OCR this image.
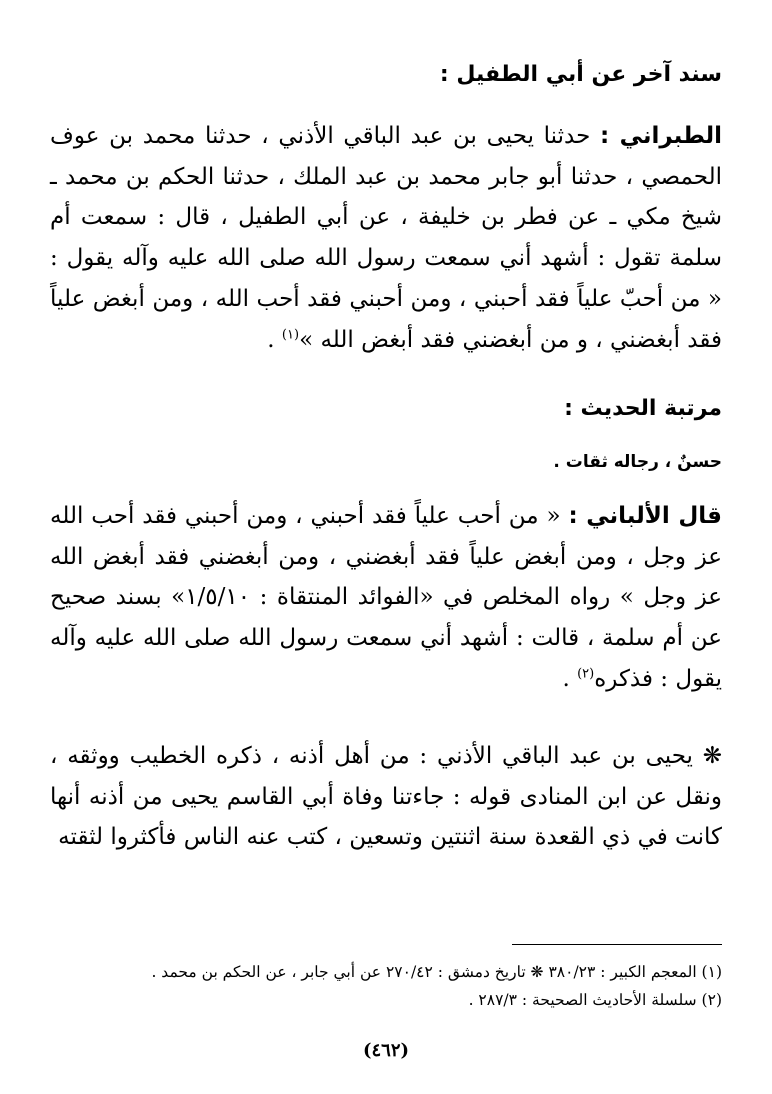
سند آخر عن أبي الطفيل :
الطبراني : حدثنا يحيى بن عبد الباقي الأذني ، حدثنا محمد بن عوف الحمصي ، حدثنا أبو جابر محمد بن عبد الملك ، حدثنا الحكم بن محمد ـ شيخ مكي ـ عن فطر بن خليفة ، عن أبي الطفيل ، قال : سمعت أم سلمة تقول : أشهد أني سمعت رسول الله صلى الله عليه وآله يقول : « من أحبّ علياً فقد أحبني ، ومن أحبني فقد أحب الله ، ومن أبغض علياً فقد أبغضني ، و من أبغضني فقد أبغض الله »$^{(١)}$ .
مرتبة الحديث :
حسنٌ ، رجاله ثقات .
قال الألباني : « من أحب علياً فقد أحبني ، ومن أحبني فقد أحب الله عز وجل ، ومن أبغض علياً فقد أبغضني ، ومن أبغضني فقد أبغض الله عز وجل » رواه المخلص في «الفوائد المنتقاة : ١/٥/١٠» بسند صحيح عن أم سلمة ، قالت : أشهد أني سمعت رسول الله صلى الله عليه وآله يقول : فذكره$^{(٢)}$ .
❋ يحيى بن عبد الباقي الأذني : من أهل أذنه ، ذكره الخطيب ووثقه ، ونقل عن ابن المنادى قوله : جاءتنا وفاة أبي القاسم يحيى من أذنه أنها كانت في ذي القعدة سنة اثنتين وتسعين ، كتب عنه الناس فأكثروا لثقته
(١) المعجم الكبير : ٣٨٠/٢٣ ❋ تاريخ دمشق : ٢٧٠/٤٢ عن أبي جابر ، عن الحكم بن محمد .
(٢) سلسلة الأحاديث الصحيحة : ٢٨٧/٣ .
(٤٦٢)
